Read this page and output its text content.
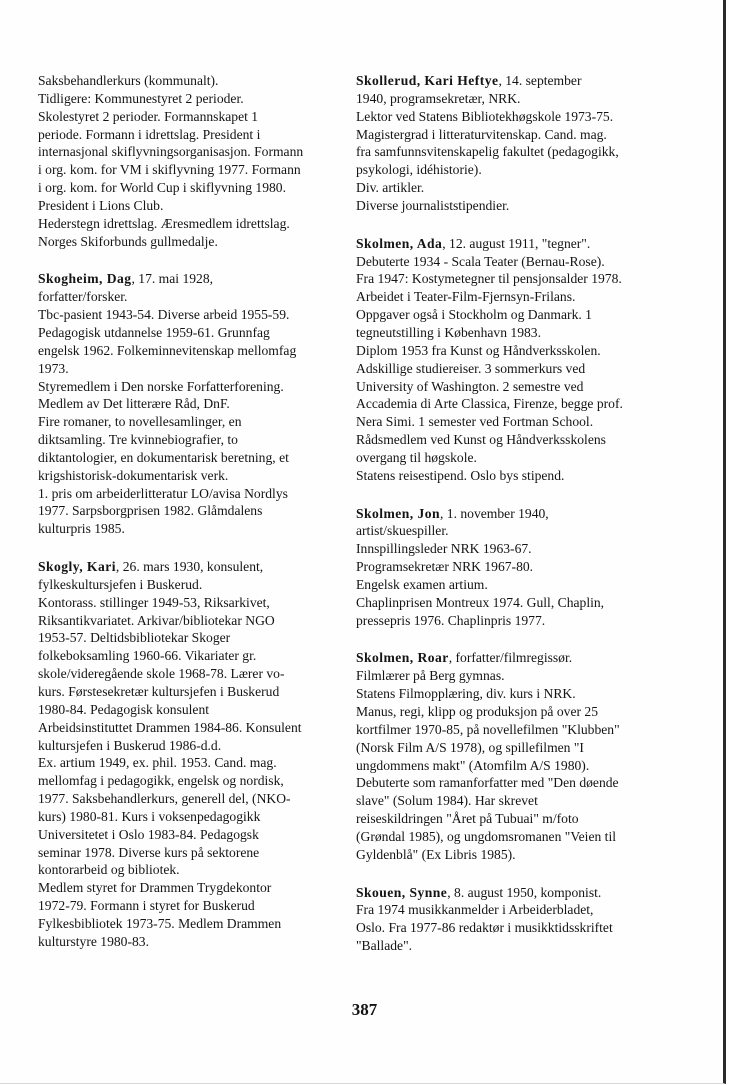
Saksbehandlerkurs (kommunalt).
Tidligere: Kommunestyret 2 perioder.
Skolestyret 2 perioder. Formannskapet 1
periode. Formann i idrettslag. President i
internasjonal skiflyvningsorganisasjon. Formann
i org. kom. for VM i skiflyvning 1977. Formann
i org. kom. for World Cup i skiflyvning 1980.
President i Lions Club.
Hederstegn idrettslag. Æresmedlem idrettslag.
Norges Skiforbunds gullmedalje.
Skogheim, Dag, 17. mai 1928,
forfatter/forsker.
Tbc-pasient 1943-54. Diverse arbeid 1955-59.
Pedagogisk utdannelse 1959-61. Grunnfag
engelsk 1962. Folkeminnevitenskap mellomfag
1973.
Styremedlem i Den norske Forfatterforening.
Medlem av Det litterære Råd, DnF.
Fire romaner, to novellesamlinger, en
diktsamling. Tre kvinnebiografier, to
diktantologier, en dokumentarisk beretning, et
krigshistorisk-dokumentarisk verk.
1. pris om arbeiderlitteratur LO/avisa Nordlys
1977. Sarpsborgprisen 1982. Glåmdalens
kulturpris 1985.
Skogly, Kari, 26. mars 1930, konsulent,
fylkeskultursjefen i Buskerud.
Kontorass. stillinger 1949-53, Riksarkivet,
Riksantikvariatet. Arkivar/bibliotekar NGO
1953-57. Deltidsbibliotekar Skoger
folkeboksamling 1960-66. Vikariater gr.
skole/videregående skole 1968-78. Lærer vo-
kurs. Førstesekretær kultursjefen i Buskerud
1980-84. Pedagogisk konsulent
Arbeidsinstituttet Drammen 1984-86. Konsulent
kultursjefen i Buskerud 1986-d.d.
Ex. artium 1949, ex. phil. 1953. Cand. mag.
mellomfag i pedagogikk, engelsk og nordisk,
1977. Saksbehandlerkurs, generell del, (NKO-
kurs) 1980-81. Kurs i voksenpedagogikk
Universitetet i Oslo 1983-84. Pedagogsk
seminar 1978. Diverse kurs på sektorene
kontorarbeid og bibliotek.
Medlem styret for Drammen Trygdekontor
1972-79. Formann i styret for Buskerud
Fylkesbibliotek 1973-75. Medlem Drammen
kulturstyre 1980-83.
Skollerud, Kari Heftye, 14. september
1940, programsekretær, NRK.
Lektor ved Statens Bibliotekhøgskole 1973-75.
Magistergrad i litteraturvitenskap. Cand. mag.
fra samfunnsvitenskapelig fakultet (pedagogikk,
psykologi, idéhistorie).
Div. artikler.
Diverse journaliststipendier.
Skolmen, Ada, 12. august 1911, "tegner".
Debuterte 1934 - Scala Teater (Bernau-Rose).
Fra 1947: Kostymetegner til pensjonsalder 1978.
Arbeidet i Teater-Film-Fjernsyn-Frilans.
Oppgaver også i Stockholm og Danmark. 1
tegneutstilling i København 1983.
Diplom 1953 fra Kunst og Håndverksskolen.
Adskillige studiereiser. 3 sommerkurs ved
University of Washington. 2 semestre ved
Accademia di Arte Classica, Firenze, begge prof.
Nera Simi. 1 semester ved Fortman School.
Rådsmedlem ved Kunst og Håndverksskolens
overgang til høgskole.
Statens reisestipend. Oslo bys stipend.
Skolmen, Jon, 1. november 1940,
artist/skuespiller.
Innspillingsleder NRK 1963-67.
Programsekretær NRK 1967-80.
Engelsk examen artium.
Chaplinprisen Montreux 1974. Gull, Chaplin,
pressepris 1976. Chaplinpris 1977.
Skolmen, Roar, forfatter/filmregissør.
Filmlærer på Berg gymnas.
Statens Filmopplæring, div. kurs i NRK.
Manus, regi, klipp og produksjon på over 25
kortfilmer 1970-85, på novellefilmen "Klubben"
(Norsk Film A/S 1978), og spillefilmen "I
ungdommens makt" (Atomfilm A/S 1980).
Debuterte som ramanforfatter med "Den døende
slave" (Solum 1984). Har skrevet
reiseskildringen "Året på Tubuai" m/foto
(Grøndal 1985), og ungdomsromanen "Veien til
Gyldenblå" (Ex Libris 1985).
Skouen, Synne, 8. august 1950, komponist.
Fra 1974 musikkanmelder i Arbeiderbladet,
Oslo. Fra 1977-86 redaktør i musikktidsskriftet
"Ballade".
387
